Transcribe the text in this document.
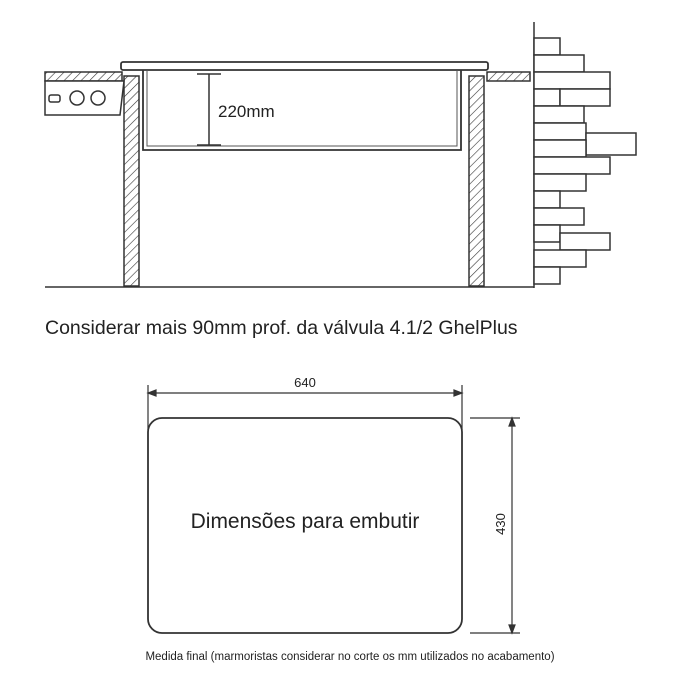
220mm
Considerar mais 90mm prof. da válvula 4.1/2 GhelPlus
640
Dimensões para embutir	430
Medida final (marmoristas considerar no corte os mm utilizados no acabamento)
